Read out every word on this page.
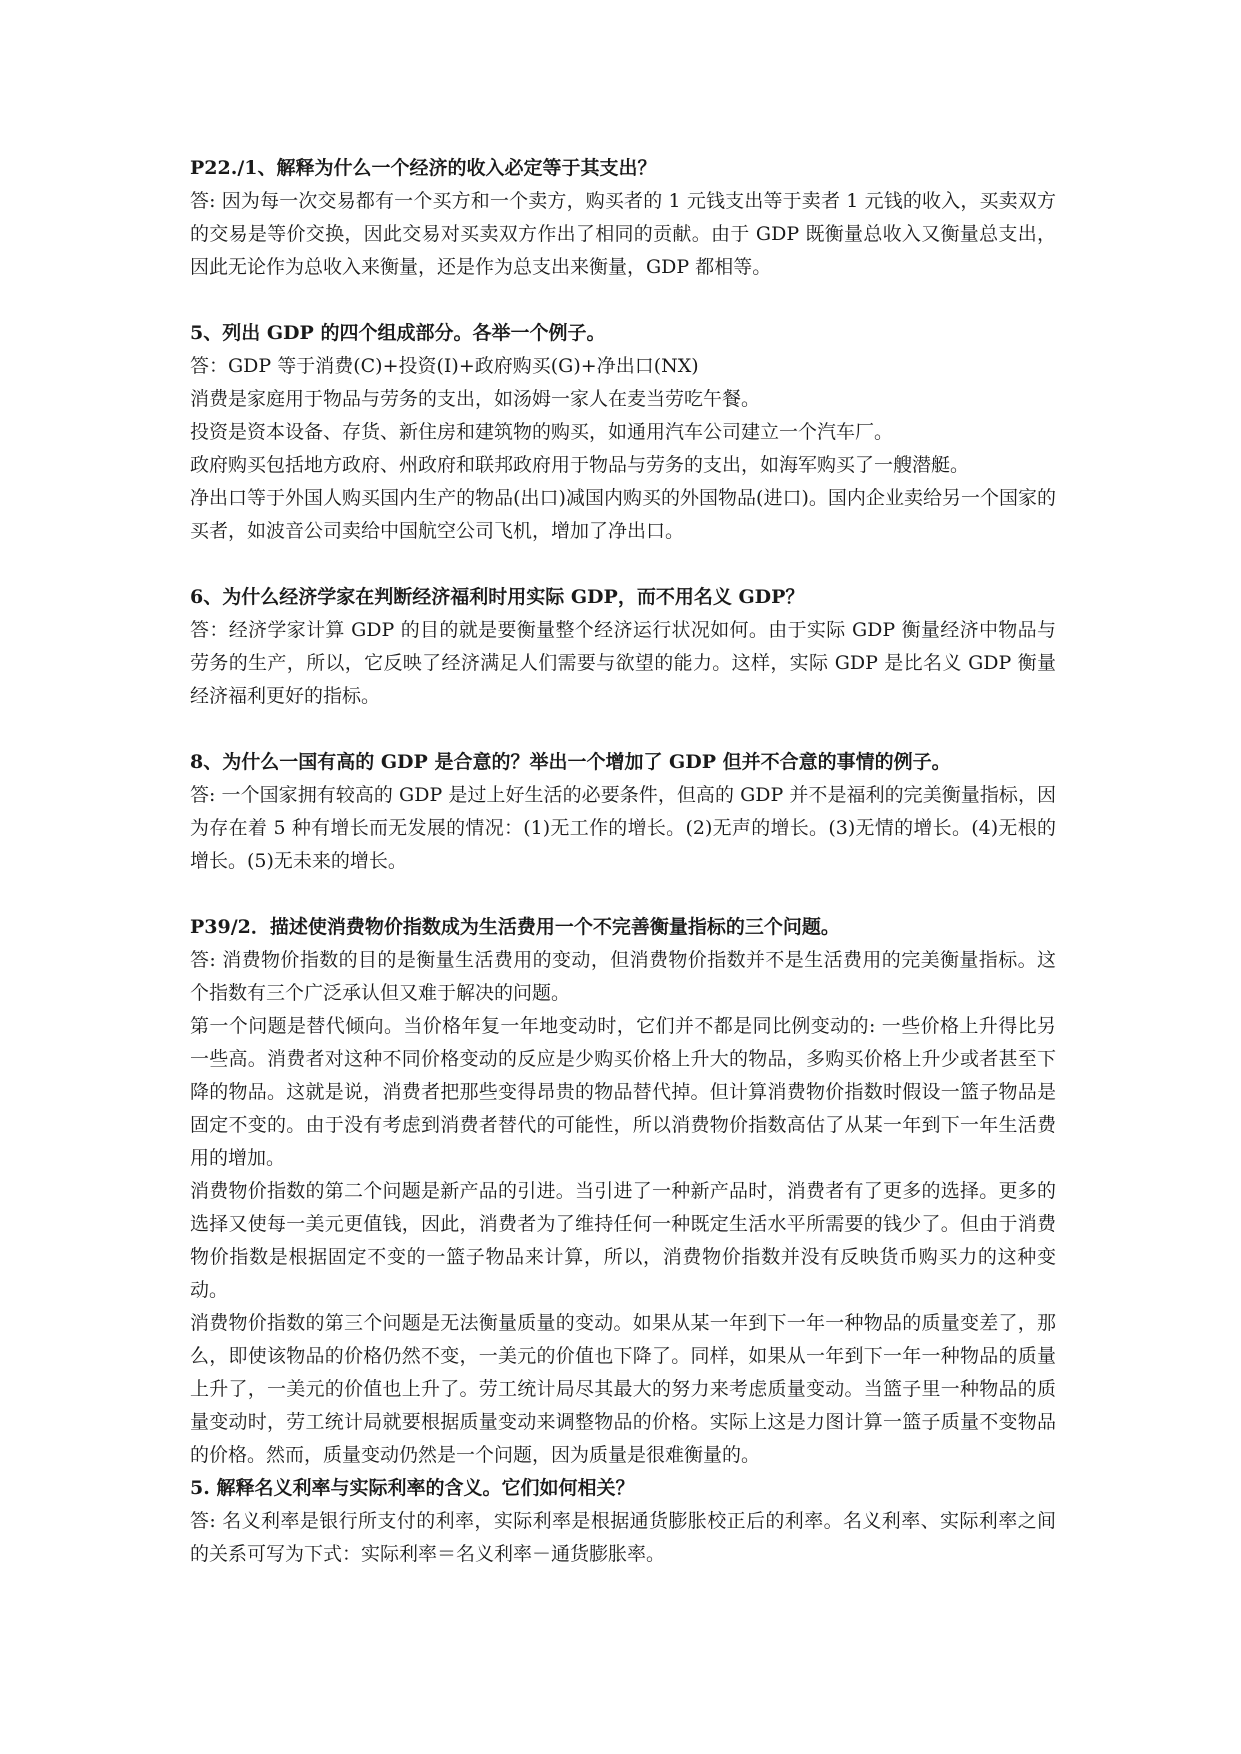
P22./1、解释为什么一个经济的收入必定等于其支出？

答: 因为每一次交易都有一个买方和一个卖方，购买者的 1 元钱支出等于卖者 1 元钱的收入，买卖双方的交易是等价交换，因此交易对买卖双方作出了相同的贡献。由于 GDP 既衡量总收入又衡量总支出，因此无论作为总收入来衡量，还是作为总支出来衡量，GDP 都相等。

5、列出 GDP 的四个组成部分。各举一个例子。

答：GDP 等于消费(C)+投资(I)+政府购买(G)+净出口(NX)

消费是家庭用于物品与劳务的支出，如汤姆一家人在麦当劳吃午餐。

投资是资本设备、存货、新住房和建筑物的购买，如通用汽车公司建立一个汽车厂。

政府购买包括地方政府、州政府和联邦政府用于物品与劳务的支出，如海军购买了一艘潜艇。

净出口等于外国人购买国内生产的物品(出口)减国内购买的外国物品(进口)。国内企业卖给另一个国家的买者，如波音公司卖给中国航空公司飞机，增加了净出口。

6、为什么经济学家在判断经济福利时用实际 GDP，而不用名义 GDP？

答：经济学家计算 GDP 的目的就是要衡量整个经济运行状况如何。由于实际 GDP 衡量经济中物品与劳务的生产，所以，它反映了经济满足人们需要与欲望的能力。这样，实际 GDP 是比名义 GDP 衡量经济福利更好的指标。

8、为什么一国有高的 GDP 是合意的？举出一个增加了 GDP 但并不合意的事情的例子。

答: 一个国家拥有较高的 GDP 是过上好生活的必要条件，但高的 GDP 并不是福利的完美衡量指标，因为存在着 5 种有增长而无发展的情况：(1)无工作的增长。(2)无声的增长。(3)无情的增长。(4)无根的增长。(5)无未来的增长。

P39/2．描述使消费物价指数成为生活费用一个不完善衡量指标的三个问题。

答: 消费物价指数的目的是衡量生活费用的变动，但消费物价指数并不是生活费用的完美衡量指标。这个指数有三个广泛承认但又难于解决的问题。

第一个问题是替代倾向。当价格年复一年地变动时，它们并不都是同比例变动的: 一些价格上升得比另一些高。消费者对这种不同价格变动的反应是少购买价格上升大的物品，多购买价格上升少或者甚至下降的物品。这就是说，消费者把那些变得昂贵的物品替代掉。但计算消费物价指数时假设一篮子物品是固定不变的。由于没有考虑到消费者替代的可能性，所以消费物价指数高估了从某一年到下一年生活费用的增加。

消费物价指数的第二个问题是新产品的引进。当引进了一种新产品时，消费者有了更多的选择。更多的选择又使每一美元更值钱，因此，消费者为了维持任何一种既定生活水平所需要的钱少了。但由于消费物价指数是根据固定不变的一篮子物品来计算，所以，消费物价指数并没有反映货币购买力的这种变动。

消费物价指数的第三个问题是无法衡量质量的变动。如果从某一年到下一年一种物品的质量变差了，那么，即使该物品的价格仍然不变，一美元的价值也下降了。同样，如果从一年到下一年一种物品的质量上升了，一美元的价值也上升了。劳工统计局尽其最大的努力来考虑质量变动。当篮子里一种物品的质量变动时，劳工统计局就要根据质量变动来调整物品的价格。实际上这是力图计算一篮子质量不变物品的价格。然而，质量变动仍然是一个问题，因为质量是很难衡量的。

5. 解释名义利率与实际利率的含义。它们如何相关？

答: 名义利率是银行所支付的利率，实际利率是根据通货膨胀校正后的利率。名义利率、实际利率之间的关系可写为下式：实际利率＝名义利率－通货膨胀率。
